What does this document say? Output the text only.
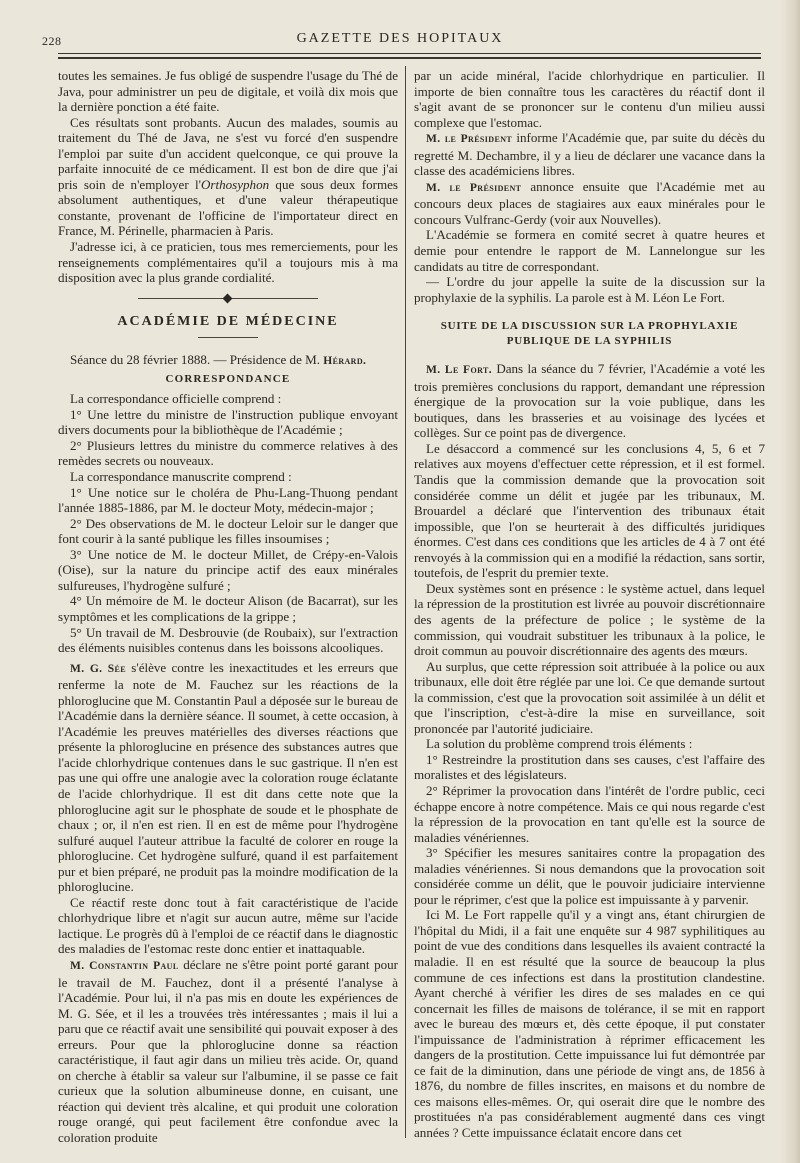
228	GAZETTE DES HOPITAUX

toutes les semaines. Je fus obligé de suspendre l'usage du Thé de Java, pour administrer un peu de digitale, et voilà dix mois que la dernière ponction a été faite.

Ces résultats sont probants. Aucun des malades, soumis au traitement du Thé de Java, ne s'est vu forcé d'en suspendre l'emploi par suite d'un accident quelconque, ce qui prouve la parfaite innocuité de ce médicament. Il est bon de dire que j'ai pris soin de n'employer l'Orthosyphon que sous deux formes absolument authentiques, et d'une valeur thérapeutique constante, provenant de l'officine de l'importateur direct en France, M. Périnelle, pharmacien à Paris.

J'adresse ici, à ce praticien, tous mes remerciements, pour les renseignements complémentaires qu'il a toujours mis à ma disposition avec la plus grande cordialité.

ACADÉMIE DE MÉDECINE

Séance du 28 février 1888. — Présidence de M. Hérard.

CORRESPONDANCE

La correspondance officielle comprend :

1° Une lettre du ministre de l'instruction publique envoyant divers documents pour la bibliothèque de l'Académie ;

2° Plusieurs lettres du ministre du commerce relatives à des remèdes secrets ou nouveaux.

La correspondance manuscrite comprend :

1° Une notice sur le choléra de Phu-Lang-Thuong pendant l'année 1885-1886, par M. le docteur Moty, médecin-major ;

2° Des observations de M. le docteur Leloir sur le danger que font courir à la santé publique les filles insoumises ;

3° Une notice de M. le docteur Millet, de Crépy-en-Valois (Oise), sur la nature du principe actif des eaux minérales sulfureuses, l'hydrogène sulfuré ;

4° Un mémoire de M. le docteur Alison (de Bacarrat), sur les symptômes et les complications de la grippe ;

5° Un travail de M. Desbrouvie (de Roubaix), sur l'extraction des éléments nuisibles contenus dans les boissons alcooliques.

M. G. Sée s'élève contre les inexactitudes et les erreurs que renferme la note de M. Fauchez sur les réactions de la phloroglucine que M. Constantin Paul a déposée sur le bureau de l'Académie dans la dernière séance. Il soumet, à cette occasion, à l'Académie les preuves matérielles des diverses réactions que présente la phloroglucine en présence des substances autres que l'acide chlorhydrique contenues dans le suc gastrique. Il n'en est pas une qui offre une analogie avec la coloration rouge éclatante de l'acide chlorhydrique. Il est dit dans cette note que la phloroglucine agit sur le phosphate de soude et le phosphate de chaux ; or, il n'en est rien. Il en est de même pour l'hydrogène sulfuré auquel l'auteur attribue la faculté de colorer en rouge la phloroglucine. Cet hydrogène sulfuré, quand il est parfaitement pur et bien préparé, ne produit pas la moindre modification de la phloroglucine.

Ce réactif reste donc tout à fait caractéristique de l'acide chlorhydrique libre et n'agit sur aucun autre, même sur l'acide lactique. Le progrès dû à l'emploi de ce réactif dans le diagnostic des maladies de l'estomac reste donc entier et inattaquable.

M. Constantin Paul déclare ne s'être point porté garant pour le travail de M. Fauchez, dont il a présenté l'analyse à l'Académie. Pour lui, il n'a pas mis en doute les expériences de M. G. Sée, et il les a trouvées très intéressantes ; mais il lui a paru que ce réactif avait une sensibilité qui pouvait exposer à des erreurs. Pour que la phloroglucine donne sa réaction caractéristique, il faut agir dans un milieu très acide. Or, quand on cherche à établir sa valeur sur l'albumine, il se passe ce fait curieux que la solution albumineuse donne, en cuisant, une réaction qui devient très alcaline, et qui produit une coloration rouge orangé, qui peut facilement être confondue avec la coloration produite

par un acide minéral, l'acide chlorhydrique en particulier. Il importe de bien connaître tous les caractères du réactif dont il s'agit avant de se prononcer sur le contenu d'un milieu aussi complexe que l'estomac.

M. le Président informe l'Académie que, par suite du décès du regretté M. Dechambre, il y a lieu de déclarer une vacance dans la classe des académiciens libres.

M. le Président annonce ensuite que l'Académie met au concours deux places de stagiaires aux eaux minérales pour le concours Vulfranc-Gerdy (voir aux Nouvelles).

L'Académie se formera en comité secret à quatre heures et demie pour entendre le rapport de M. Lannelongue sur les candidats au titre de correspondant.

— L'ordre du jour appelle la suite de la discussion sur la prophylaxie de la syphilis. La parole est à M. Léon Le Fort.

SUITE DE LA DISCUSSION SUR LA PROPHYLAXIE PUBLIQUE DE LA SYPHILIS

M. Le Fort. Dans la séance du 7 février, l'Académie a voté les trois premières conclusions du rapport, demandant une répression énergique de la provocation sur la voie publique, dans les boutiques, dans les brasseries et au voisinage des lycées et collèges. Sur ce point pas de divergence.

Le désaccord a commencé sur les conclusions 4, 5, 6 et 7 relatives aux moyens d'effectuer cette répression, et il est formel. Tandis que la commission demande que la provocation soit considérée comme un délit et jugée par les tribunaux, M. Brouardel a déclaré que l'intervention des tribunaux était impossible, que l'on se heurterait à des difficultés juridiques énormes. C'est dans ces conditions que les articles de 4 à 7 ont été renvoyés à la commission qui en a modifié la rédaction, sans sortir, toutefois, de l'esprit du premier texte.

Deux systèmes sont en présence : le système actuel, dans lequel la répression de la prostitution est livrée au pouvoir discrétionnaire des agents de la préfecture de police ; le système de la commission, qui voudrait substituer les tribunaux à la police, le droit commun au pouvoir discrétionnaire des agents des mœurs.

Au surplus, que cette répression soit attribuée à la police ou aux tribunaux, elle doit être réglée par une loi. Ce que demande surtout la commission, c'est que la provocation soit assimilée à un délit et que l'inscription, c'est-à-dire la mise en surveillance, soit prononcée par l'autorité judiciaire.

La solution du problème comprend trois éléments :

1° Restreindre la prostitution dans ses causes, c'est l'affaire des moralistes et des législateurs.

2° Réprimer la provocation dans l'intérêt de l'ordre public, ceci échappe encore à notre compétence. Mais ce qui nous regarde c'est la répression de la provocation en tant qu'elle est la source de maladies vénériennes.

3° Spécifier les mesures sanitaires contre la propagation des maladies vénériennes. Si nous demandons que la provocation soit considérée comme un délit, que le pouvoir judiciaire intervienne pour le réprimer, c'est que la police est impuissante à y parvenir.

Ici M. Le Fort rappelle qu'il y a vingt ans, étant chirurgien de l'hôpital du Midi, il a fait une enquête sur 4 987 syphilitiques au point de vue des conditions dans lesquelles ils avaient contracté la maladie. Il en est résulté que la source de beaucoup la plus commune de ces infections est dans la prostitution clandestine. Ayant cherché à vérifier les dires de ses malades en ce qui concernait les filles de maisons de tolérance, il se mit en rapport avec le bureau des mœurs et, dès cette époque, il put constater l'impuissance de l'administration à réprimer efficacement les dangers de la prostitution. Cette impuissance lui fut démontrée par ce fait de la diminution, dans une période de vingt ans, de 1856 à 1876, du nombre de filles inscrites, en maisons et du nombre de ces maisons elles-mêmes. Or, qui oserait dire que le nombre des prostituées n'a pas considérablement augmenté dans ces vingt années ? Cette impuissance éclatait encore dans cet
